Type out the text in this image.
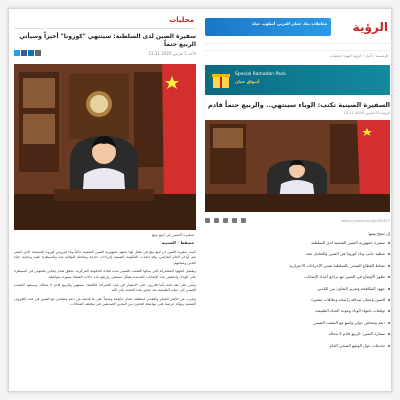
محليات
سفيرة الصين لدى السلطنة: سينتهي "كورونا" أخيراً وسيأتي الربيع حتماً
الأحد 1 مارس 2020 12:11
سفيرة الصين لي لينغ بينغ
مسقط - الشبيبة

كتبت سفيرة الصين لي لينغ بينغ في مقال لها: تشهد جمهورية الصين الشعبية حالياً وباء فيروس كورونا المستجد الذي انتشر منذ أواخر العام الماضي، وقد اتخذت الحكومة الصينية إجراءات حازمة وشاملة للوقاية منه والسيطرة عليه وحماية حياة الناس وصحتهم.

وبفضل الجهود المشتركة التي يبذلها الشعب الصيني تحت قيادة الحكومة المركزية، تحقق تقدم إيجابي ملموس في السيطرة على الوباء، وانخفض عدد الإصابات الجديدة بشكل مستمر، وارتفع عدد حالات الشفاء بصورة متواصلة.

ونحن على ثقة تامة بأننا قادرون على الانتصار في هذه المعركة، فالشتاء سينتهي والربيع قادم لا محالة، وسيعود الشعب الصيني إلى حياته الطبيعية بعد تجاوز هذه المحنة بإذن الله.

ونعرب عن خالص الشكر والتقدير لسلطنة عمان حكومة وشعباً على ما قدمته من دعم وتضامن مع الصين في هذه الظروف الصعبة، ونؤكد حرصنا على مواصلة التعاون بين البلدين الصديقين في مختلف المجالات.

معاملات بنك عمان العربي أسلوب حياة الرؤية
الرئيسية / أخبار / الرؤية اليوم / محليات
Special Ramadan Pack
أسواق عمان
السفيرة الصينية تكتب: الوباء سينتهي.. والربيع حتماً قادم
الرؤية 01 مارس 2020 12:11
https://alroya.om/p/261407
إن تنجح يمنع:
سفيرة جمهورية الصين الشعبية لدى السلطنة
تغطية جانب وباء كورونا في الصين والتعامل معه
نشاط القطاع الصحي بالسلطنة ضمن الإجراءات الاحترازية
تطور الأوضاع في الصين مع تراجع أعداد الإصابات
جهود المكافحة وتعزيز التعاون بين البلدين
الصين وعمان صداقة راسخة وعلاقات متميزة
توقعات بانتهاء الوباء وعودة الحياة الطبيعية
دعم وتضامن دولي واسع مع الشعب الصيني
سفارة الصين: الربيع قادم لا محالة
تحديثات حول الوضع الصحي العام
